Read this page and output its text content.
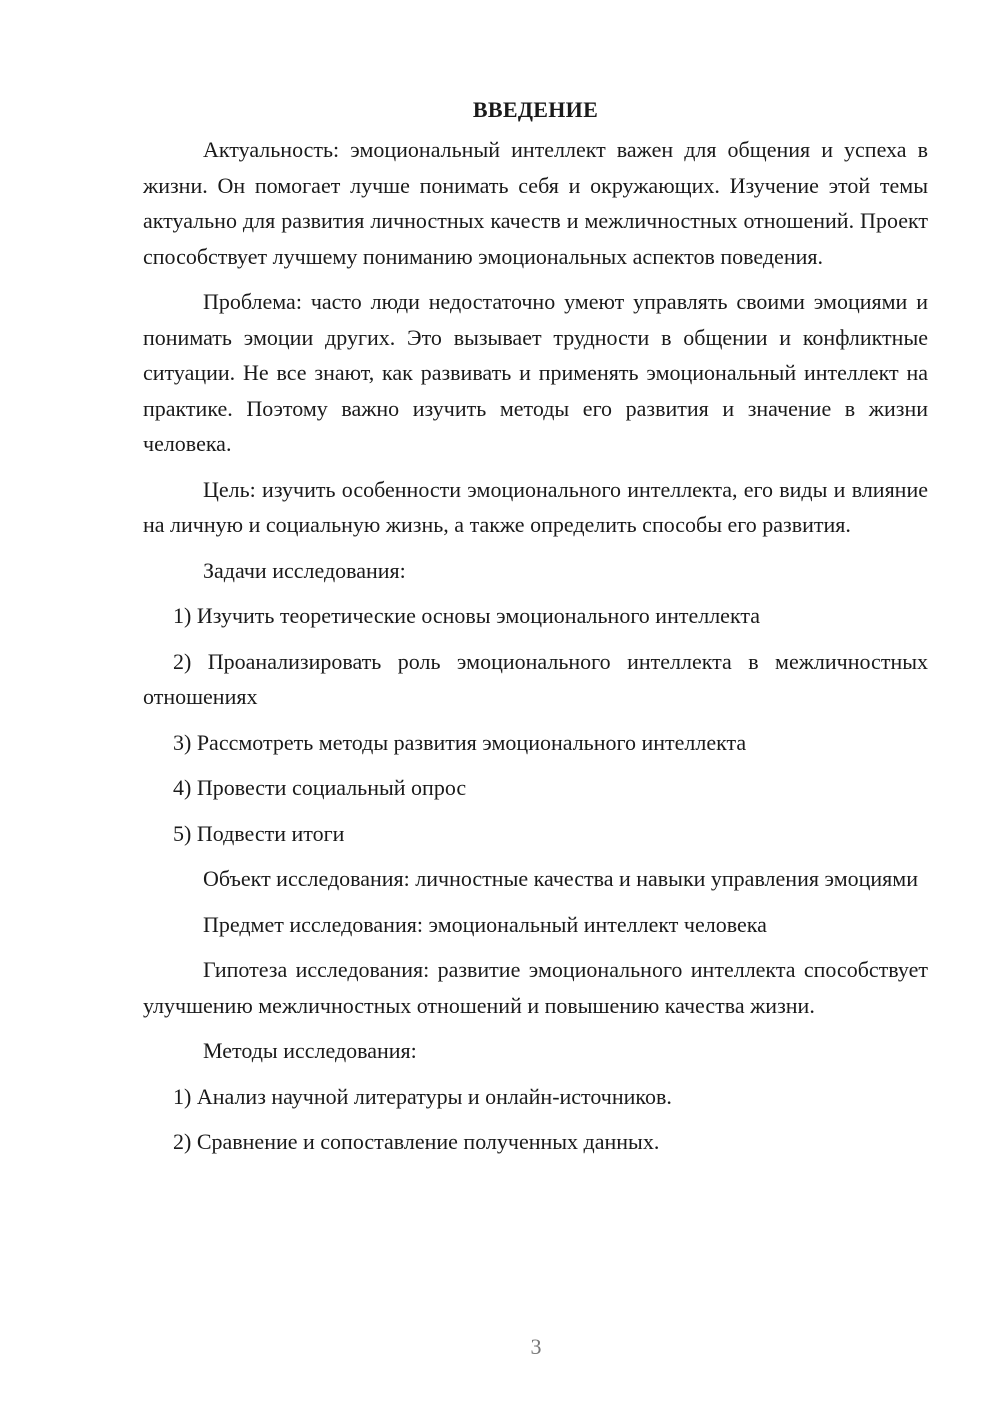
ВВЕДЕНИЕ

Актуальность: эмоциональный интеллект важен для общения и успеха в жизни. Он помогает лучше понимать себя и окружающих. Изучение этой темы актуально для развития личностных качеств и межличностных отношений. Проект способствует лучшему пониманию эмоциональных аспектов поведения.

Проблема: часто люди недостаточно умеют управлять своими эмоциями и понимать эмоции других. Это вызывает трудности в общении и конфликтные ситуации. Не все знают, как развивать и применять эмоциональный интеллект на практике. Поэтому важно изучить методы его развития и значение в жизни человека.

Цель: изучить особенности эмоционального интеллекта, его виды и влияние на личную и социальную жизнь, а также определить способы его развития.

Задачи исследования:

1) Изучить теоретические основы эмоционального интеллекта

2) Проанализировать роль эмоционального интеллекта в межличностных отношениях

3) Рассмотреть методы развития эмоционального интеллекта

4) Провести социальный опрос

5) Подвести итоги

Объект исследования: личностные качества и навыки управления эмоциями

Предмет исследования: эмоциональный интеллект человека

Гипотеза исследования: развитие эмоционального интеллекта способствует улучшению межличностных отношений и повышению качества жизни.

Методы исследования:

1) Анализ научной литературы и онлайн-источников.

2) Сравнение и сопоставление полученных данных.

3
